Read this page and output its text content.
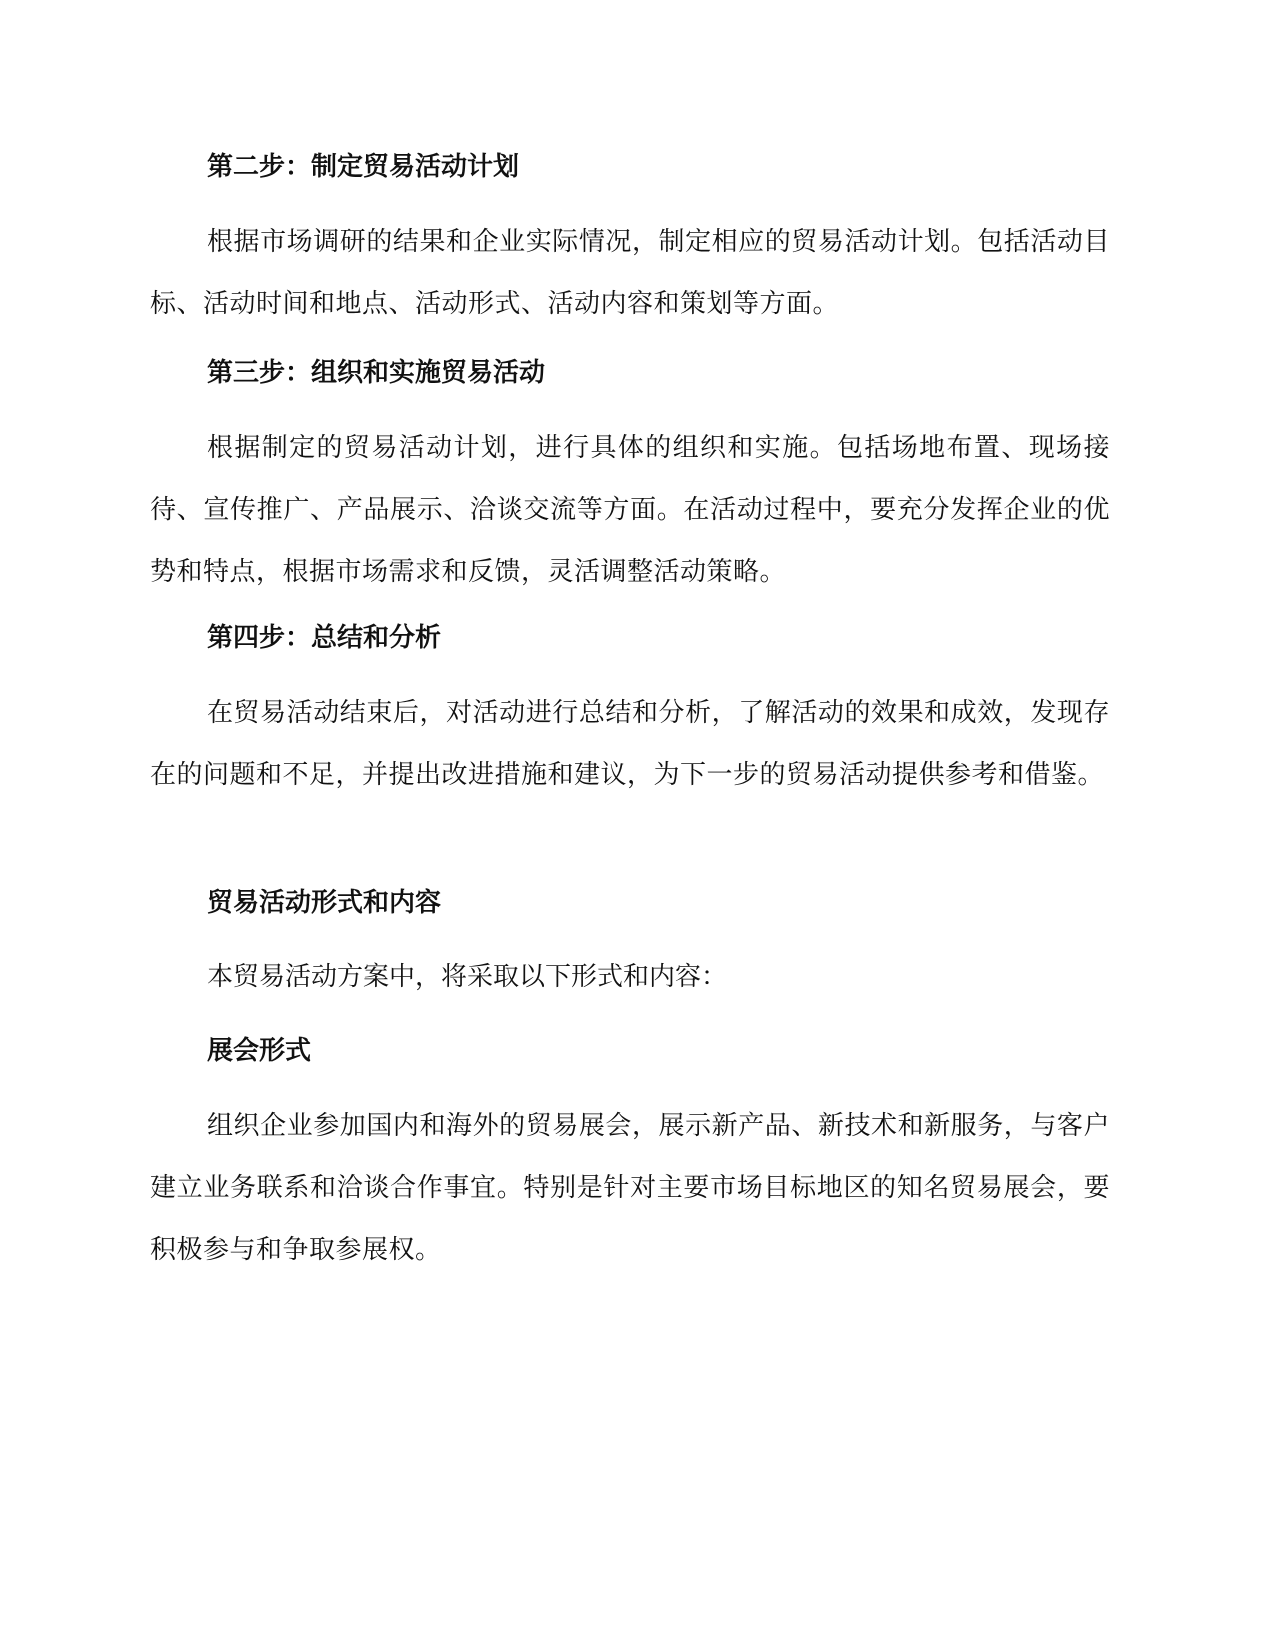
第二步：制定贸易活动计划

根据市场调研的结果和企业实际情况，制定相应的贸易活动计划。包括活动目标、活动时间和地点、活动形式、活动内容和策划等方面。

第三步：组织和实施贸易活动

根据制定的贸易活动计划，进行具体的组织和实施。包括场地布置、现场接待、宣传推广、产品展示、洽谈交流等方面。在活动过程中，要充分发挥企业的优势和特点，根据市场需求和反馈，灵活调整活动策略。

第四步：总结和分析

在贸易活动结束后，对活动进行总结和分析，了解活动的效果和成效，发现存在的问题和不足，并提出改进措施和建议，为下一步的贸易活动提供参考和借鉴。

贸易活动形式和内容

本贸易活动方案中，将采取以下形式和内容：

展会形式

组织企业参加国内和海外的贸易展会，展示新产品、新技术和新服务，与客户建立业务联系和洽谈合作事宜。特别是针对主要市场目标地区的知名贸易展会，要积极参与和争取参展权。
